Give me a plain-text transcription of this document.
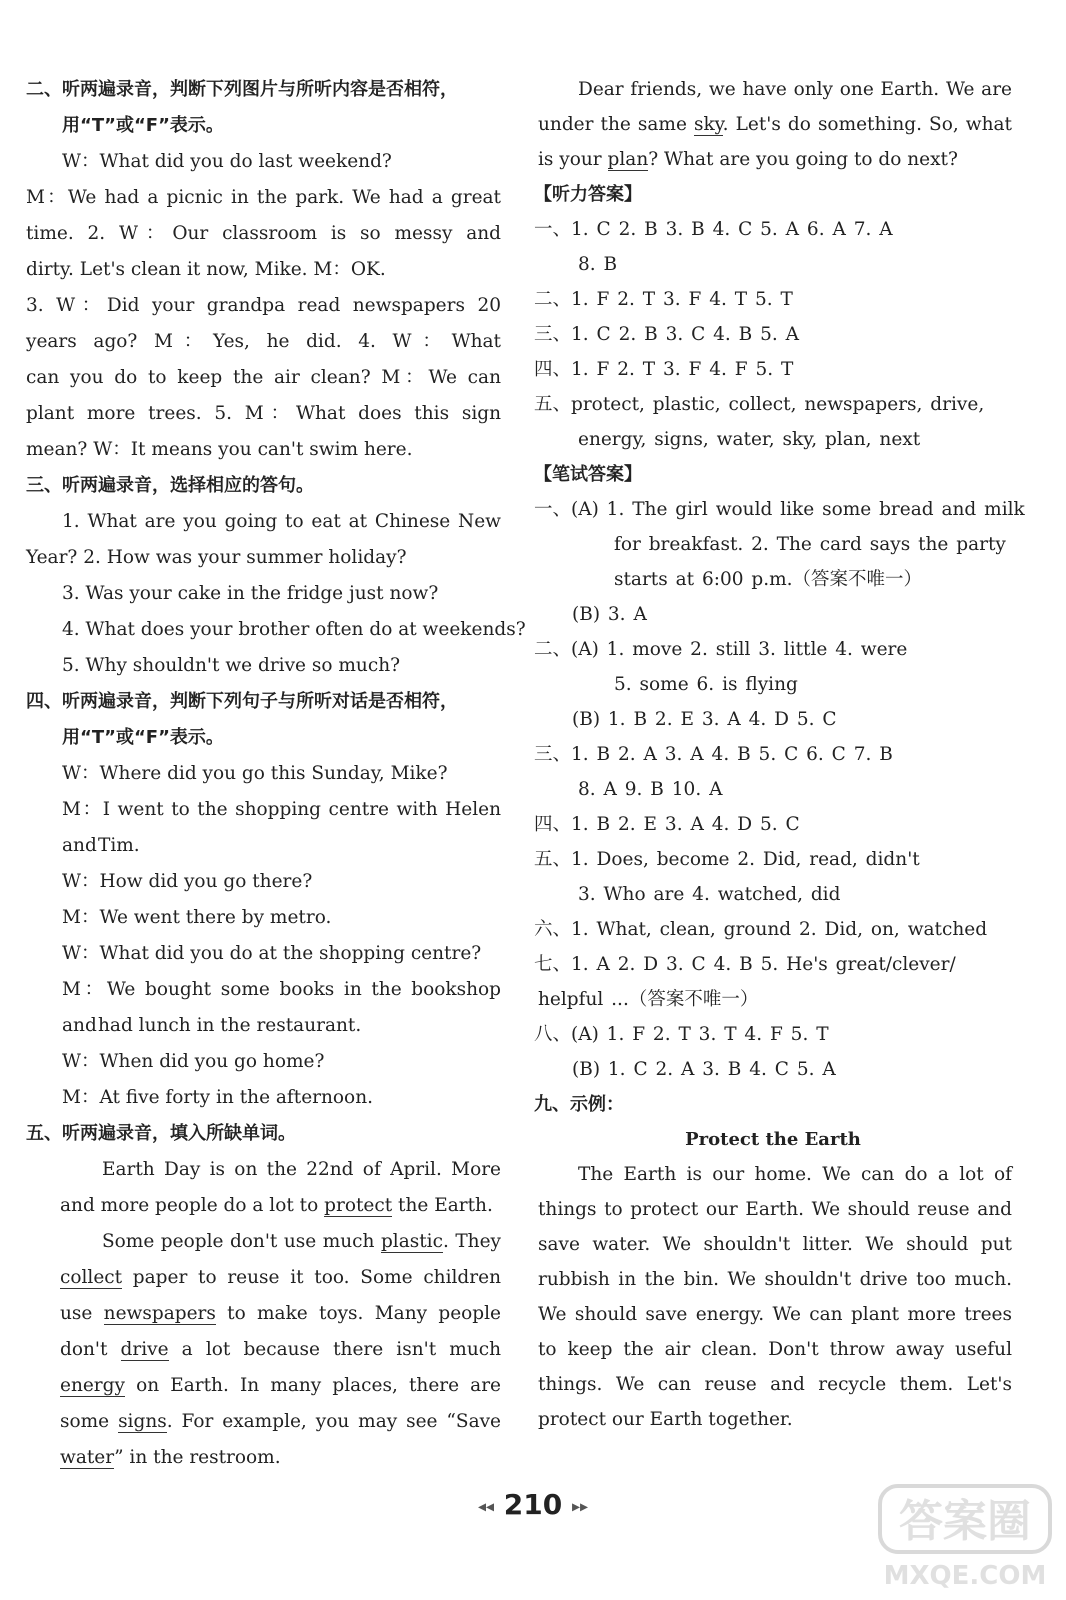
二、听两遍录音，判断下列图片与所听内容是否相符，
用“T”或“F”表示。
W：What did you do last weekend?
M：We had a picnic in the park. We had a great
time. 2. W：Our classroom is so messy and
dirty. Let's clean it now, Mike. M：OK.
3. W：Did your grandpa read newspapers 20
years ago? M：Yes, he did. 4. W：What
can you do to keep the air clean? M：We can
plant more trees. 5. M：What does this sign
mean? W：It means you can't swim here.
三、听两遍录音，选择相应的答句。
1. What are you going to eat at Chinese New
Year? 2. How was your summer holiday?
3. Was your cake in the fridge just now?
4. What does your brother often do at weekends?
5. Why shouldn't we drive so much?
四、听两遍录音，判断下列句子与所听对话是否相符，
用“T”或“F”表示。
W：Where did you go this Sunday, Mike?
M：I went to the shopping centre with Helen and Tim.
W：How did you go there?
M：We went there by metro.
W：What did you do at the shopping centre?
M：We bought some books in the bookshop and had lunch in the restaurant.
W：When did you go home?
M：At five forty in the afternoon.
五、听两遍录音，填入所缺单词。
Earth Day is on the 22nd of April. More and more people do a lot to protect the Earth.
Some people don't use much plastic. They collect paper to reuse it too. Some children use newspapers to make toys. Many people don't drive a lot because there isn't much energy on Earth. In many places, there are some signs. For example, you may see “Save water” in the restroom.
Dear friends, we have only one Earth. We are under the same sky. Let's do something. So, what is your plan? What are you going to do next?
【听力答案】
一、1. C 2. B 3. B 4. C 5. A 6. A 7. A
8. B
二、1. F 2. T 3. F 4. T 5. T
三、1. C 2. B 3. C 4. B 5. A
四、1. F 2. T 3. F 4. F 5. T
五、protect, plastic, collect, newspapers, drive,
energy, signs, water, sky, plan, next
【笔试答案】
一、(A) 1. The girl would like some bread and milk
for breakfast. 2. The card says the party
starts at 6:00 p.m.（答案不唯一）
(B) 3. A
二、(A) 1. move 2. still 3. little 4. were
5. some 6. is flying
(B) 1. B 2. E 3. A 4. D 5. C
三、1. B 2. A 3. A 4. B 5. C 6. C 7. B
8. A 9. B 10. A
四、1. B 2. E 3. A 4. D 5. C
五、1. Does, become 2. Did, read, didn't
3. Who are 4. watched, did
六、1. What, clean, ground 2. Did, on, watched
七、1. A 2. D 3. C 4. B 5. He's great/clever/
helpful ...（答案不唯一）
八、(A) 1. F 2. T 3. T 4. F 5. T
(B) 1. C 2. A 3. B 4. C 5. A
九、示例：
Protect the Earth
The Earth is our home. We can do a lot of things to protect our Earth. We should reuse and save water. We shouldn't litter. We should put rubbish in the bin. We shouldn't drive too much. We should save energy. We can plant more trees to keep the air clean. Don't throw away useful things. We can reuse and recycle them. Let's protect our Earth together.
◂◂ 210 ▸▸	答案圈
MXQE.COM
